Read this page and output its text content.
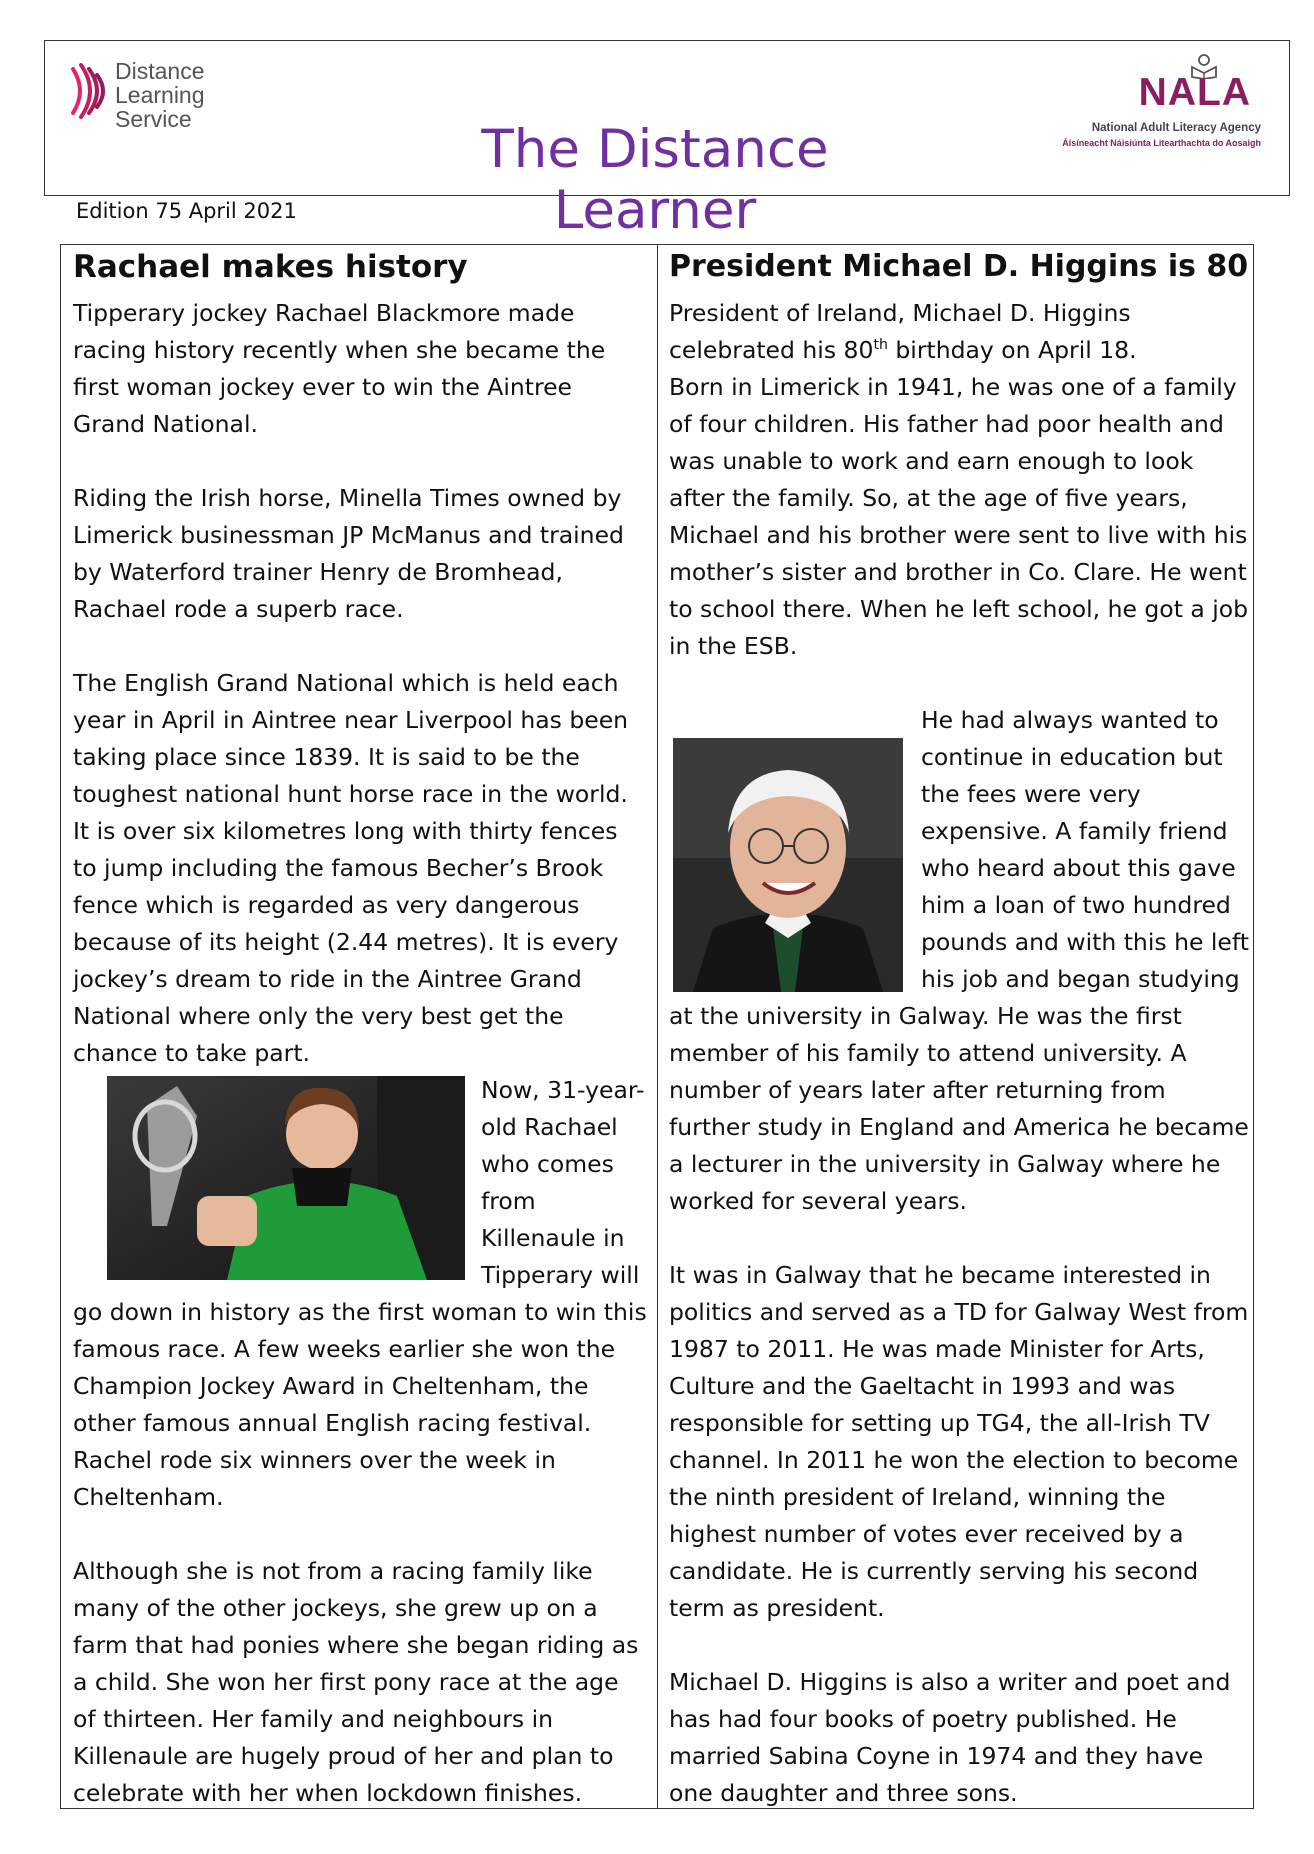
Distance
Learning
Service	The Distance Learner
NALA
National Adult Literacy Agency
Áisíneacht Náisiúnta Litearthachta do Aosaigh
Edition 75 April 2021
Rachael makes history

Tipperary jockey Rachael Blackmore made racing history recently when she became the first woman jockey ever to win the Aintree Grand National.

Riding the Irish horse, Minella Times owned by Limerick businessman JP McManus and trained by Waterford trainer Henry de Bromhead, Rachael rode a superb race.

The English Grand National which is held each year in April in Aintree near Liverpool has been taking place since 1839. It is said to be the toughest national hunt horse race in the world. It is over six kilometres long with thirty fences to jump including the famous Becher’s Brook fence which is regarded as very dangerous because of its height (2.44 metres). It is every jockey’s dream to ride in the Aintree Grand National where only the very best get the chance to take part.

Now, 31-year-old Rachael who comes from Killenaule in Tipperary will go down in history as the first woman to win this famous race. A few weeks earlier she won the Champion Jockey Award in Cheltenham, the other famous annual English racing festival. Rachel rode six winners over the week in Cheltenham.

Although she is not from a racing family like many of the other jockeys, she grew up on a farm that had ponies where she began riding as a child. She won her first pony race at the age of thirteen. Her family and neighbours in Killenaule are hugely proud of her and plan to celebrate with her when lockdown finishes.

President Michael D. Higgins is 80

President of Ireland, Michael D. Higgins celebrated his 80th birthday on April 18.

Born in Limerick in 1941, he was one of a family of four children. His father had poor health and was unable to work and earn enough to look after the family. So, at the age of five years, Michael and his brother were sent to live with his mother’s sister and brother in Co. Clare. He went to school there. When he left school, he got a job in the ESB.

He had always wanted to continue in education but the fees were very expensive. A family friend who heard about this gave him a loan of two hundred pounds and with this he left his job and began studying at the university in Galway. He was the first member of his family to attend university. A number of years later after returning from further study in England and America he became a lecturer in the university in Galway where he worked for several years.

It was in Galway that he became interested in politics and served as a TD for Galway West from 1987 to 2011. He was made Minister for Arts, Culture and the Gaeltacht in 1993 and was responsible for setting up TG4, the all-Irish TV channel. In 2011 he won the election to become the ninth president of Ireland, winning the highest number of votes ever received by a candidate. He is currently serving his second term as president.

Michael D. Higgins is also a writer and poet and has had four books of poetry published. He married Sabina Coyne in 1974 and they have one daughter and three sons.
